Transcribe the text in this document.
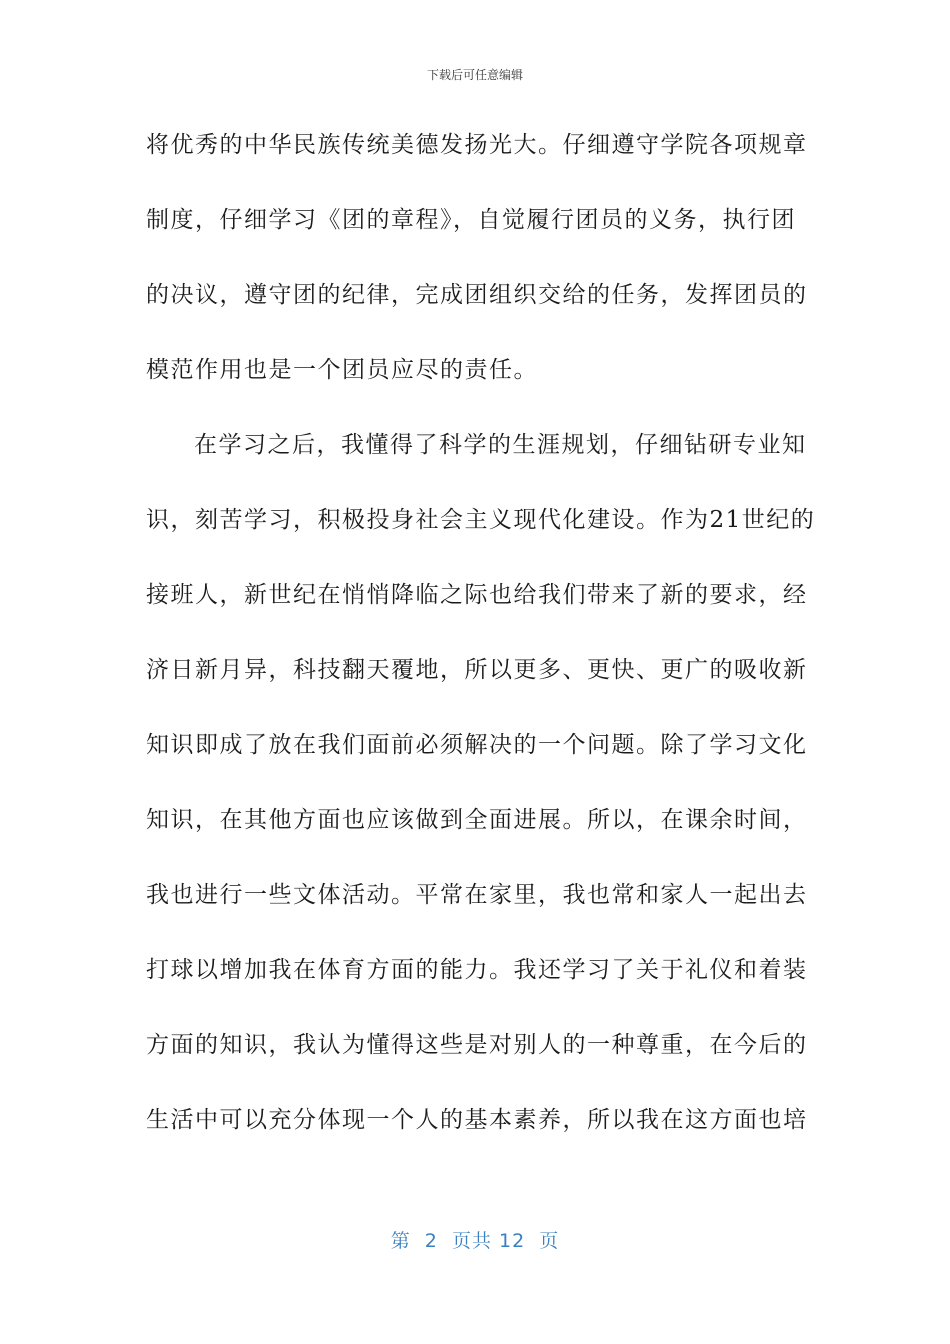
下载后可任意编辑
将优秀的中华民族传统美德发扬光大。仔细遵守学院各项规章
制度，仔细学习《团的章程》，自觉履行团员的义务，执行团
的决议，遵守团的纪律，完成团组织交给的任务，发挥团员的
模范作用也是一个团员应尽的责任。
在学习之后，我懂得了科学的生涯规划，仔细钻研专业知
识，刻苦学习，积极投身社会主义现代化建设。作为21世纪的
接班人，新世纪在悄悄降临之际也给我们带来了新的要求，经
济日新月异，科技翻天覆地，所以更多、更快、更广的吸收新
知识即成了放在我们面前必须解决的一个问题。除了学习文化
知识，在其他方面也应该做到全面进展。所以，在课余时间，
我也进行一些文体活动。平常在家里，我也常和家人一起出去
打球以增加我在体育方面的能力。我还学习了关于礼仪和着装
方面的知识，我认为懂得这些是对别人的一种尊重，在今后的
生活中可以充分体现一个人的基本素养，所以我在这方面也培
第  2  页共 12  页
